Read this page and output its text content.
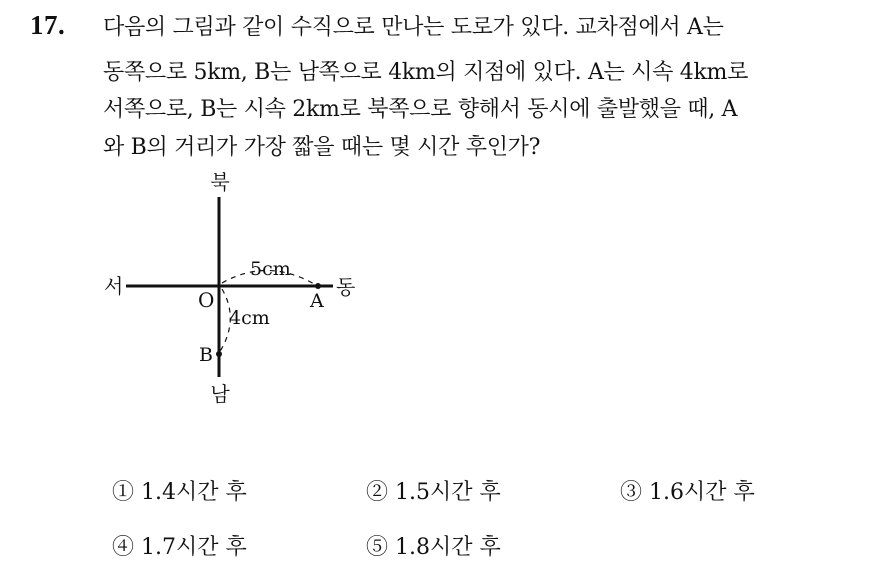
17. 다음의 그림과 같이 수직으로 만나는 도로가 있다. 교차점에서 A는
동쪽으로 5km, B는 남쪽으로 4km의 지점에 있다. A는 시속 4km로
서쪽으로, B는 시속 2km로 북쪽으로 향해서 동시에 출발했을 때, A
와 B의 거리가 가장 짧을 때는 몇 시간 후인가?
북
남
서	동
O	A
B
5cm
4cm
① 1.4시간 후	② 1.5시간 후	③ 1.6시간 후
④ 1.7시간 후	⑤ 1.8시간 후
